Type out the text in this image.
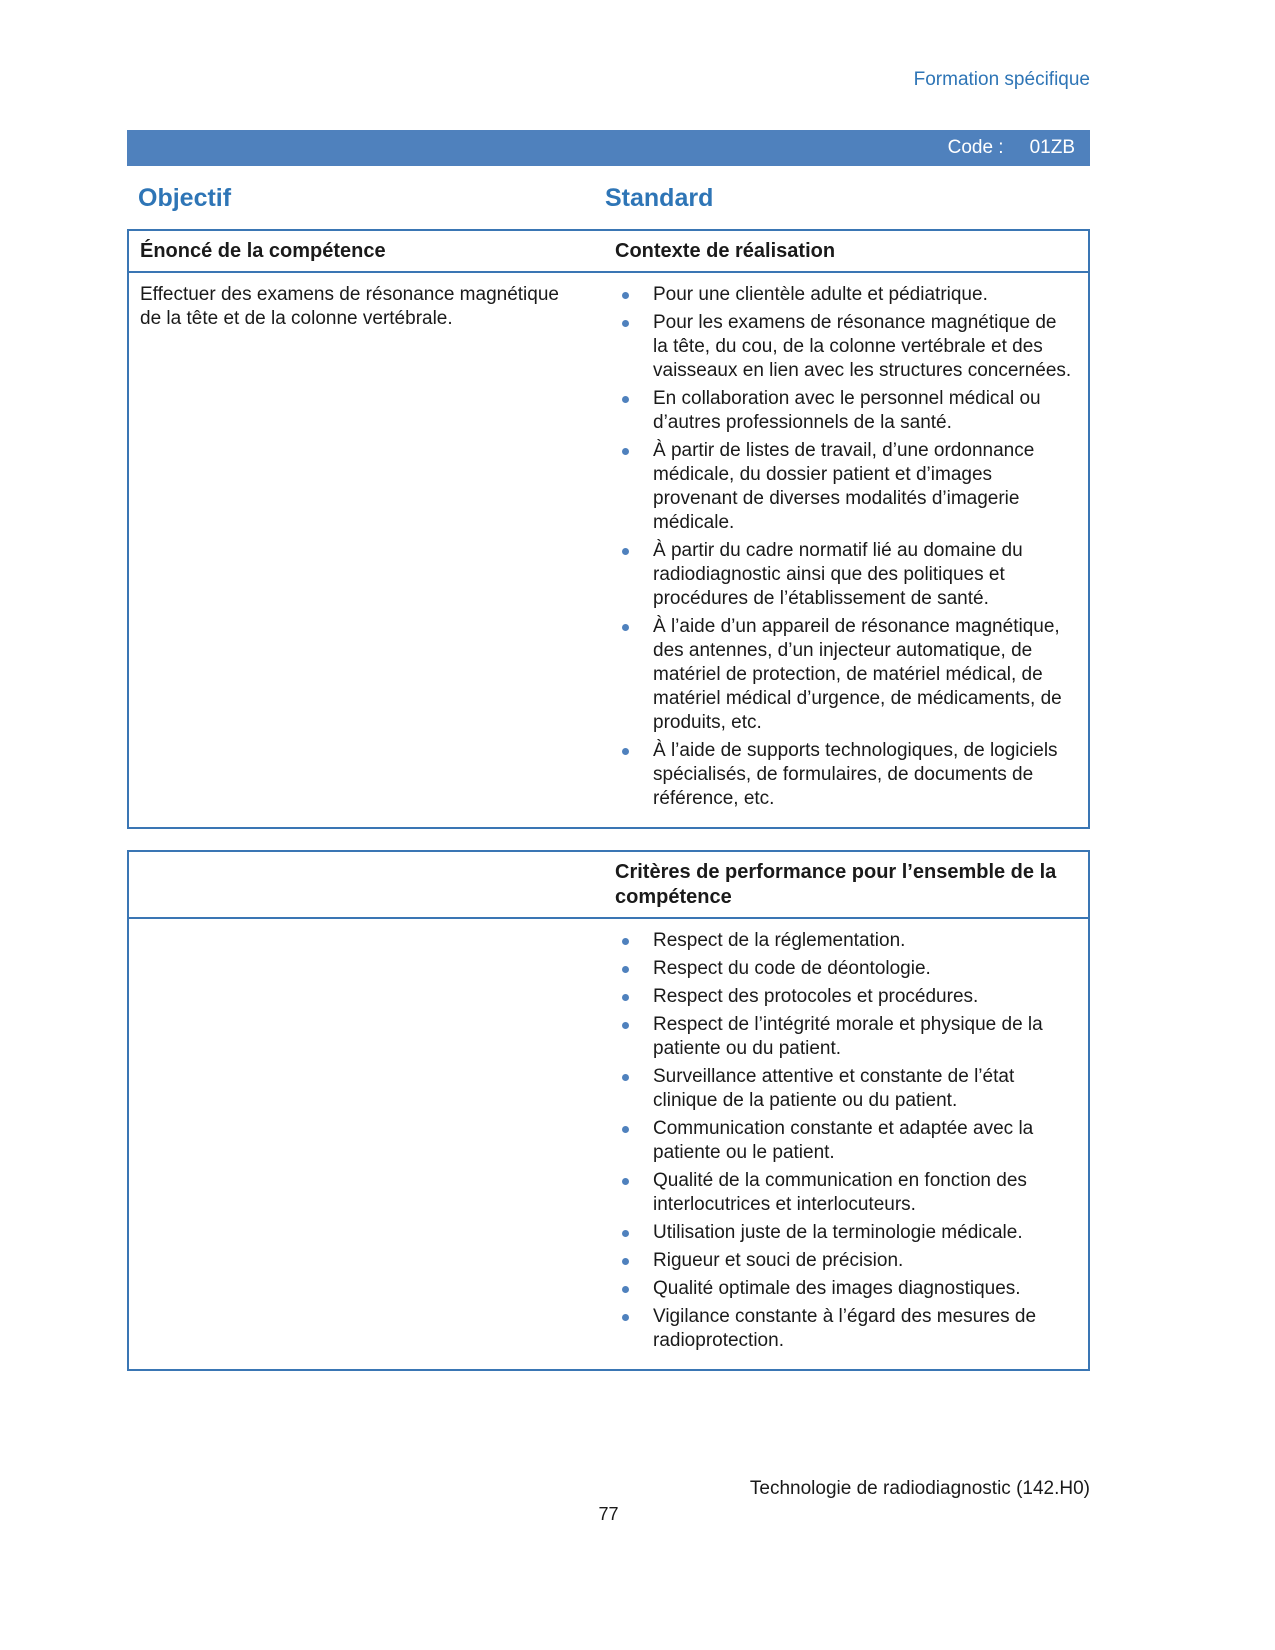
Formation spécifique
Code : 01ZB
Objectif	Standard
Énoncé de la compétence	Contexte de réalisation
Effectuer des examens de résonance magnétique de la tête et de la colonne vertébrale.
Pour une clientèle adulte et pédiatrique.
Pour les examens de résonance magnétique de la tête, du cou, de la colonne vertébrale et des vaisseaux en lien avec les structures concernées.
En collaboration avec le personnel médical ou d’autres professionnels de la santé.
À partir de listes de travail, d’une ordonnance médicale, du dossier patient et d’images provenant de diverses modalités d’imagerie médicale.
À partir du cadre normatif lié au domaine du radiodiagnostic ainsi que des politiques et procédures de l’établissement de santé.
À l’aide d’un appareil de résonance magnétique, des antennes, d’un injecteur automatique, de matériel de protection, de matériel médical, de matériel médical d’urgence, de médicaments, de produits, etc.
À l’aide de supports technologiques, de logiciels spécialisés, de formulaires, de documents de référence, etc.
Critères de performance pour l’ensemble de la compétence
Respect de la réglementation.
Respect du code de déontologie.
Respect des protocoles et procédures.
Respect de l’intégrité morale et physique de la patiente ou du patient.
Surveillance attentive et constante de l’état clinique de la patiente ou du patient.
Communication constante et adaptée avec la patiente ou le patient.
Qualité de la communication en fonction des interlocutrices et interlocuteurs.
Utilisation juste de la terminologie médicale.
Rigueur et souci de précision.
Qualité optimale des images diagnostiques.
Vigilance constante à l’égard des mesures de radioprotection.
Technologie de radiodiagnostic (142.H0)
77
